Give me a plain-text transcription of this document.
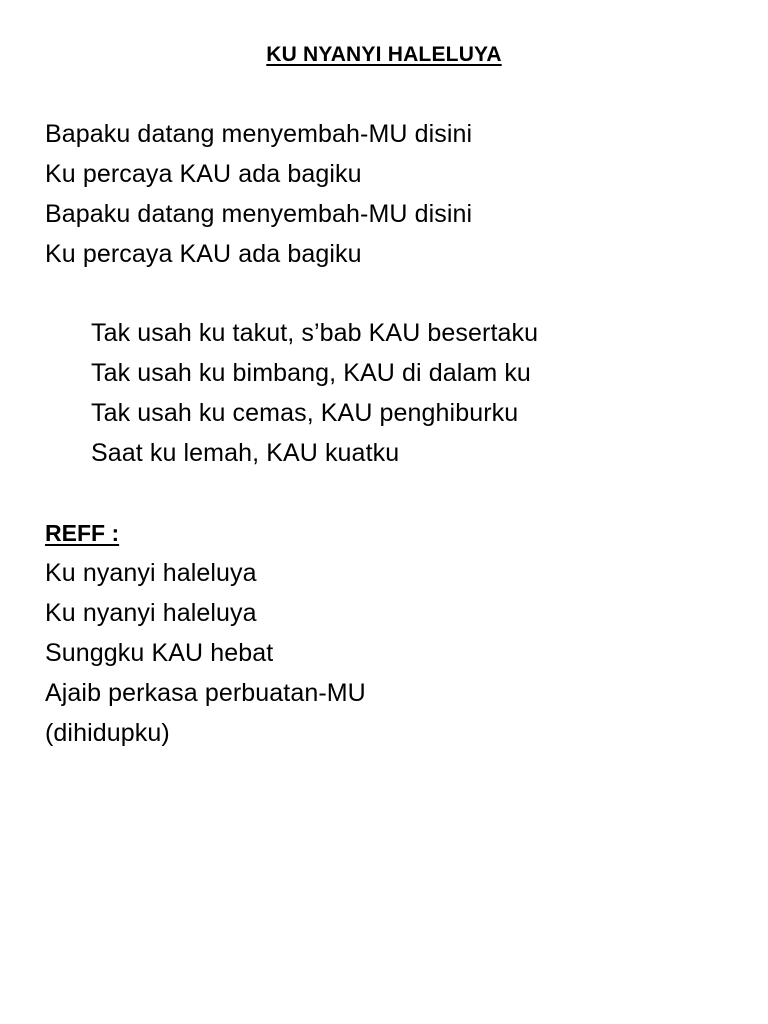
KU NYANYI HALELUYA
Bapaku datang menyembah-MU disini
Ku percaya KAU ada bagiku
Bapaku datang menyembah-MU disini
Ku percaya KAU ada bagiku
Tak usah ku takut, s’bab KAU besertaku
Tak usah ku bimbang, KAU di dalam ku
Tak usah ku cemas, KAU penghiburku
Saat ku lemah, KAU kuatku
REFF :
Ku nyanyi haleluya
Ku nyanyi haleluya
Sunggku KAU hebat
Ajaib perkasa perbuatan-MU
(dihidupku)
